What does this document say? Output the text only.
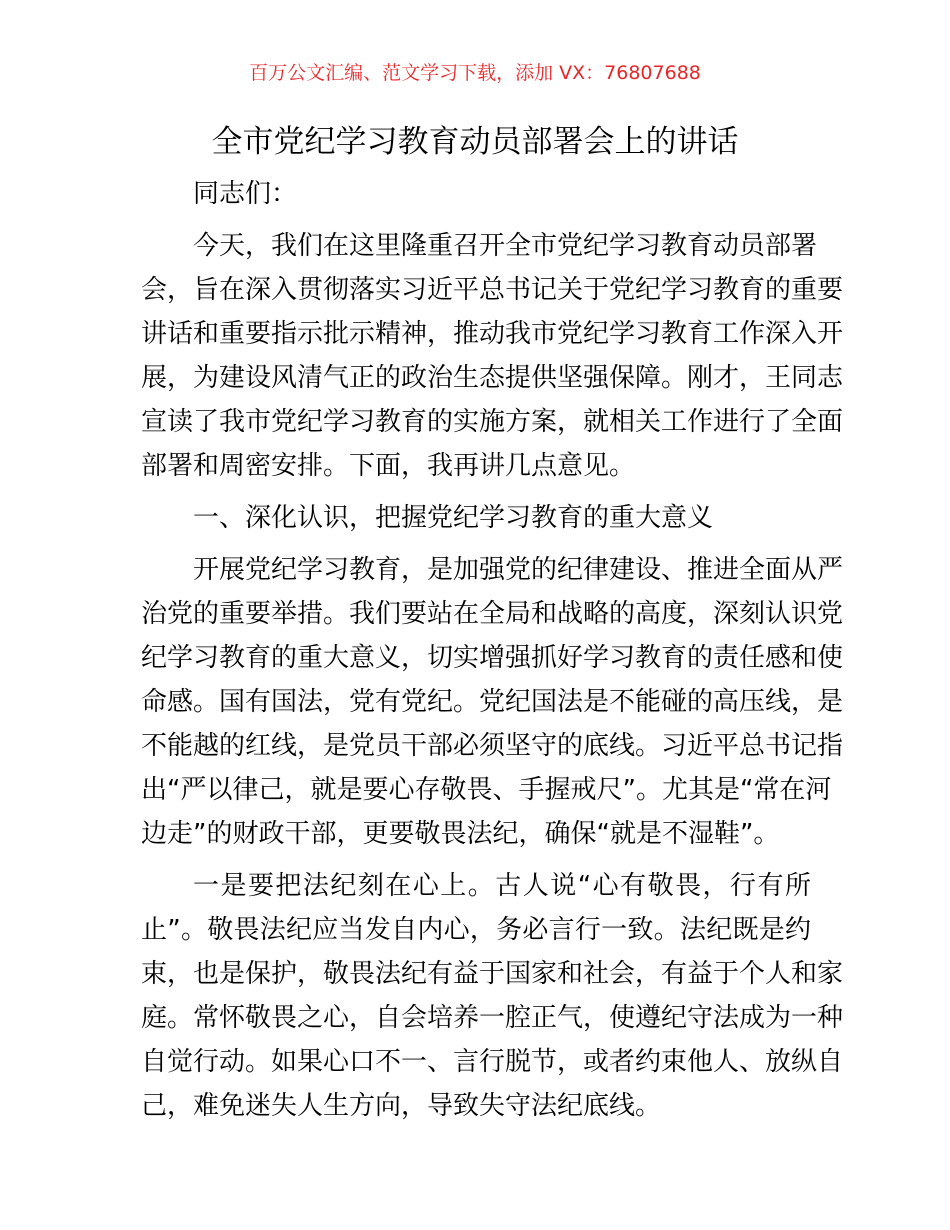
百万公文汇编、范文学习下载，添加 VX：76807688
全市党纪学习教育动员部署会上的讲话
同志们：
今天，我们在这里隆重召开全市党纪学习教育动员部署
会，旨在深入贯彻落实习近平总书记关于党纪学习教育的重要
讲话和重要指示批示精神，推动我市党纪学习教育工作深入开
展，为建设风清气正的政治生态提供坚强保障。刚才，王同志
宣读了我市党纪学习教育的实施方案，就相关工作进行了全面
部署和周密安排。下面，我再讲几点意见。
一、深化认识，把握党纪学习教育的重大意义
开展党纪学习教育，是加强党的纪律建设、推进全面从严
治党的重要举措。我们要站在全局和战略的高度，深刻认识党
纪学习教育的重大意义，切实增强抓好学习教育的责任感和使
命感。国有国法，党有党纪。党纪国法是不能碰的高压线，是
不能越的红线，是党员干部必须坚守的底线。习近平总书记指
出“严以律己，就是要心存敬畏、手握戒尺”。尤其是“常在河
边走”的财政干部，更要敬畏法纪，确保“就是不湿鞋”。
一是要把法纪刻在心上。古人说“心有敬畏，行有所
止”。敬畏法纪应当发自内心，务必言行一致。法纪既是约
束，也是保护，敬畏法纪有益于国家和社会，有益于个人和家
庭。常怀敬畏之心，自会培养一腔正气，使遵纪守法成为一种
自觉行动。如果心口不一、言行脱节，或者约束他人、放纵自
己，难免迷失人生方向，导致失守法纪底线。
